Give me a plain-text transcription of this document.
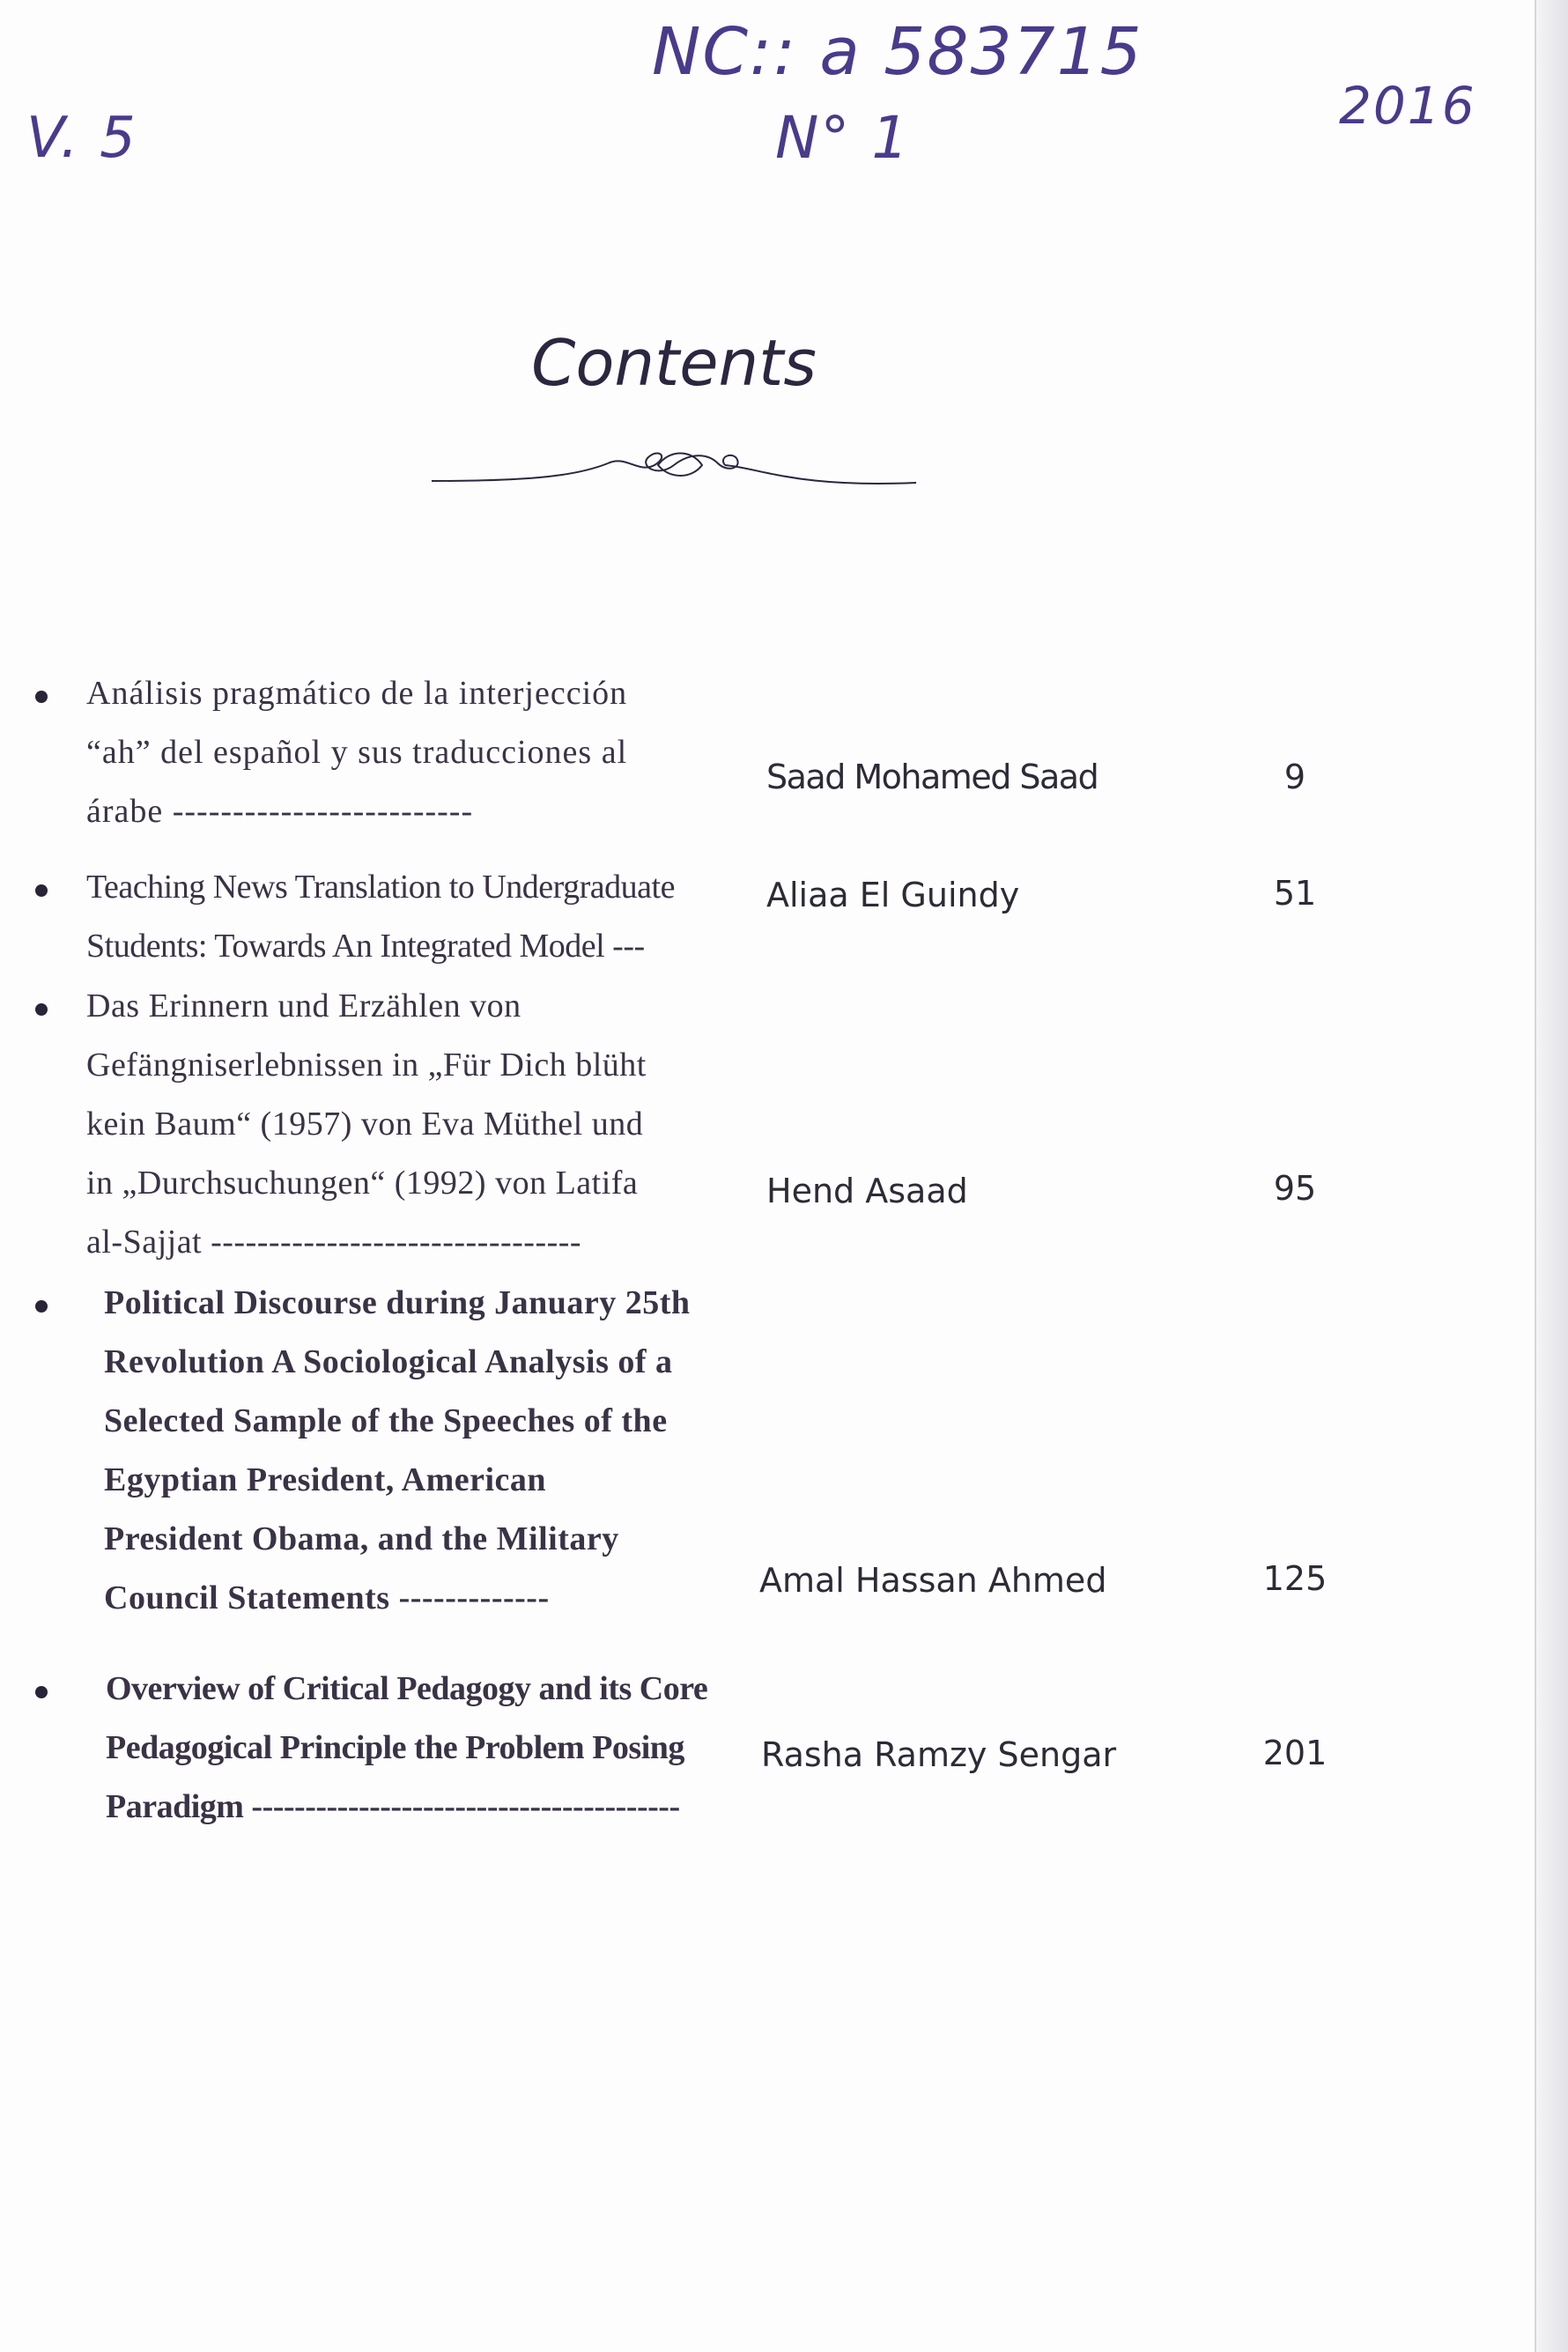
V. 5
NC:: a 583715
N° 1	2016
Contents
Análisis pragmático de la interjección
“ah” del español y sus traducciones al
árabe -------------------------
Saad Mohamed Saad	9
Teaching News Translation to Undergraduate
Students: Towards An Integrated Model ---
Aliaa El Guindy	51
Das Erinnern und Erzählen von
Gefängniserlebnissen in „Für Dich blüht
kein Baum“ (1957) von Eva Müthel und
in „Durchsuchungen“ (1992) von Latifa
al-Sajjat --------------------------------
Hend Asaad	95
Political Discourse during January 25th
Revolution A Sociological Analysis of a
Selected Sample of the Speeches of the
Egyptian President, American
President Obama, and the Military
Council Statements -------------	Amal Hassan Ahmed	125
Overview of Critical Pedagogy and its Core
Pedagogical Principle the Problem Posing
Paradigm ----------------------------------------
Rasha Ramzy Sengar	201
